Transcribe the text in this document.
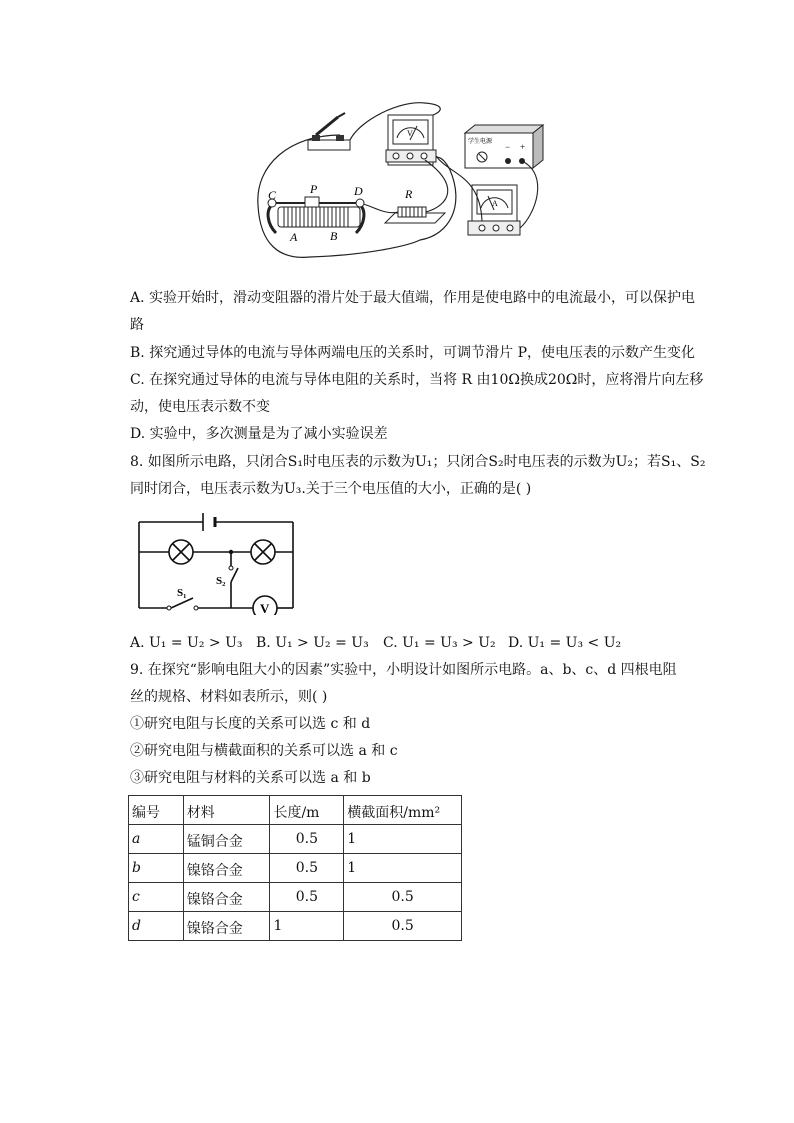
V
学生电源 − +
A
C	P	D	R
A	B
A. 实验开始时，滑动变阻器的滑片处于最大值端，作用是使电路中的电流最小，可以保护电
路
B. 探究通过导体的电流与导体两端电压的关系时，可调节滑片 P，使电压表的示数产生变化
C. 在探究通过导体的电流与导体电阻的关系时，当将 R 由10Ω换成20Ω时，应将滑片向左移
动，使电压表示数不变
D. 实验中，多次测量是为了减小实验误差
8. 如图所示电路，只闭合S₁时电压表的示数为U₁；只闭合S₂时电压表的示数为U₂；若S₁、S₂
同时闭合，电压表示数为U₃.关于三个电压值的大小，正确的是( )
S₁
S₂
V
A. U₁ = U₂ > U₃ B. U₁ > U₂ = U₃ C. U₁ = U₃ > U₂ D. U₁ = U₃ < U₂
9. 在探究“影响电阻大小的因素”实验中，小明设计如图所示电路。a、b、c、d 四根电阻
丝的规格、材料如表所示，则( )
①研究电阻与长度的关系可以选 c 和 d
②研究电阻与横截面积的关系可以选 a 和 c
③研究电阻与材料的关系可以选 a 和 b
编号	材料	长度/m	横截面积/mm²
a	锰铜合金	0.5	1
b	镍铬合金	0.5	1
c	镍铬合金	0.5	0.5
d	镍铬合金	1	0.5
